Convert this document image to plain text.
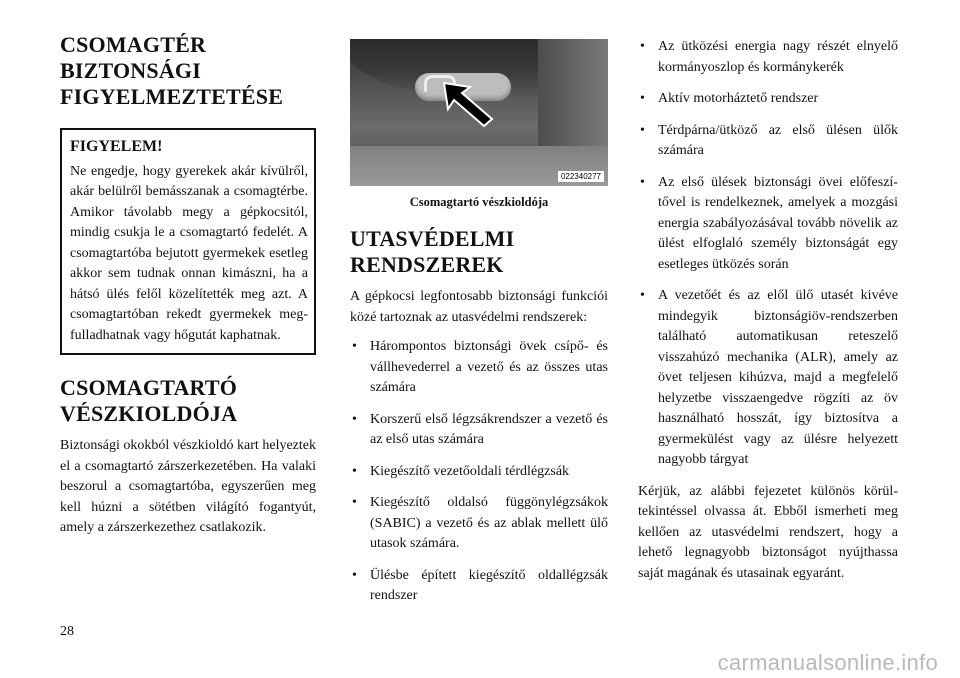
CSOMAGTÉR
BIZTONSÁGI
FIGYELMEZTETÉSE
FIGYELEM!

Ne engedje, hogy gyerekek akár kívülről, akár belülről bemásszanak a csomagtérbe. Amikor távolabb megy a gépkocsitól, mindig csukja le a csomagtartó fedelét. A csomagtartóba bejutott gyermekek esetleg akkor sem tudnak onnan kimászni, ha a hátsó ülés felől közelítették meg azt. A csomagtartóban rekedt gyermekek megfulladhatnak vagy hőgutát kaphatnak.

CSOMAGTARTÓ
VÉSZKIOLDÓJA

Biztonsági okokból vészkioldó kart helyeztek el a csomagtartó zárszerkezetében. Ha valaki beszorul a csomagtartóba, egyszerűen meg kell húzni a sötétben világító fogantyút, amely a zárszerkezethez csatlakozik.

022340277
Csomagtartó vészkioldója
UTASVÉDELMI
RENDSZEREK

A gépkocsi legfontosabb biztonsági funkciói közé tartoznak az utasvédelmi rendszerek:

• Hárompontos biztonsági övek csípő- és vállhevederrel a vezető és az összes utas számára
• Korszerű első légzsákrendszer a vezető és az első utas számára
• Kiegészítő vezetőoldali térdlégzsák
• Kiegészítő oldalsó függönylégzsákok (SABIC) a vezető és az ablak mellett ülő utasok számára.
• Ülésbe épített kiegészítő oldallégzsák rendszer
• Az ütközési energia nagy részét elnyelő kormányoszlop és kormánykerék
• Aktív motorháztető rendszer
• Térdpárna/ütköző az első ülésen ülők számára
• Az első ülések biztonsági övei előfeszítővel is rendelkeznek, amelyek a mozgási energia szabályozásával tovább növelik az ülést elfoglaló személy biztonságát egy esetleges ütközés során
• A vezetőét és az elől ülő utasét kivéve mindegyik biztonságiöv-rendszerben található automatikusan reteszelő visszahúzó mechanika (ALR), amely az övet teljesen kihúzva, majd a megfelelő helyzetbe visszaengedve rögzíti az öv használható hosszát, így biztosítva a gyermekülést vagy az ülésre helyezett nagyobb tárgyat

Kérjük, az alábbi fejezetet különös körültekintéssel olvassa át. Ebből ismerheti meg kellően az utasvédelmi rendszert, hogy a lehető legnagyobb biztonságot nyújthassa saját magának és utasainak egyaránt.

28
carmanualsonline.info
